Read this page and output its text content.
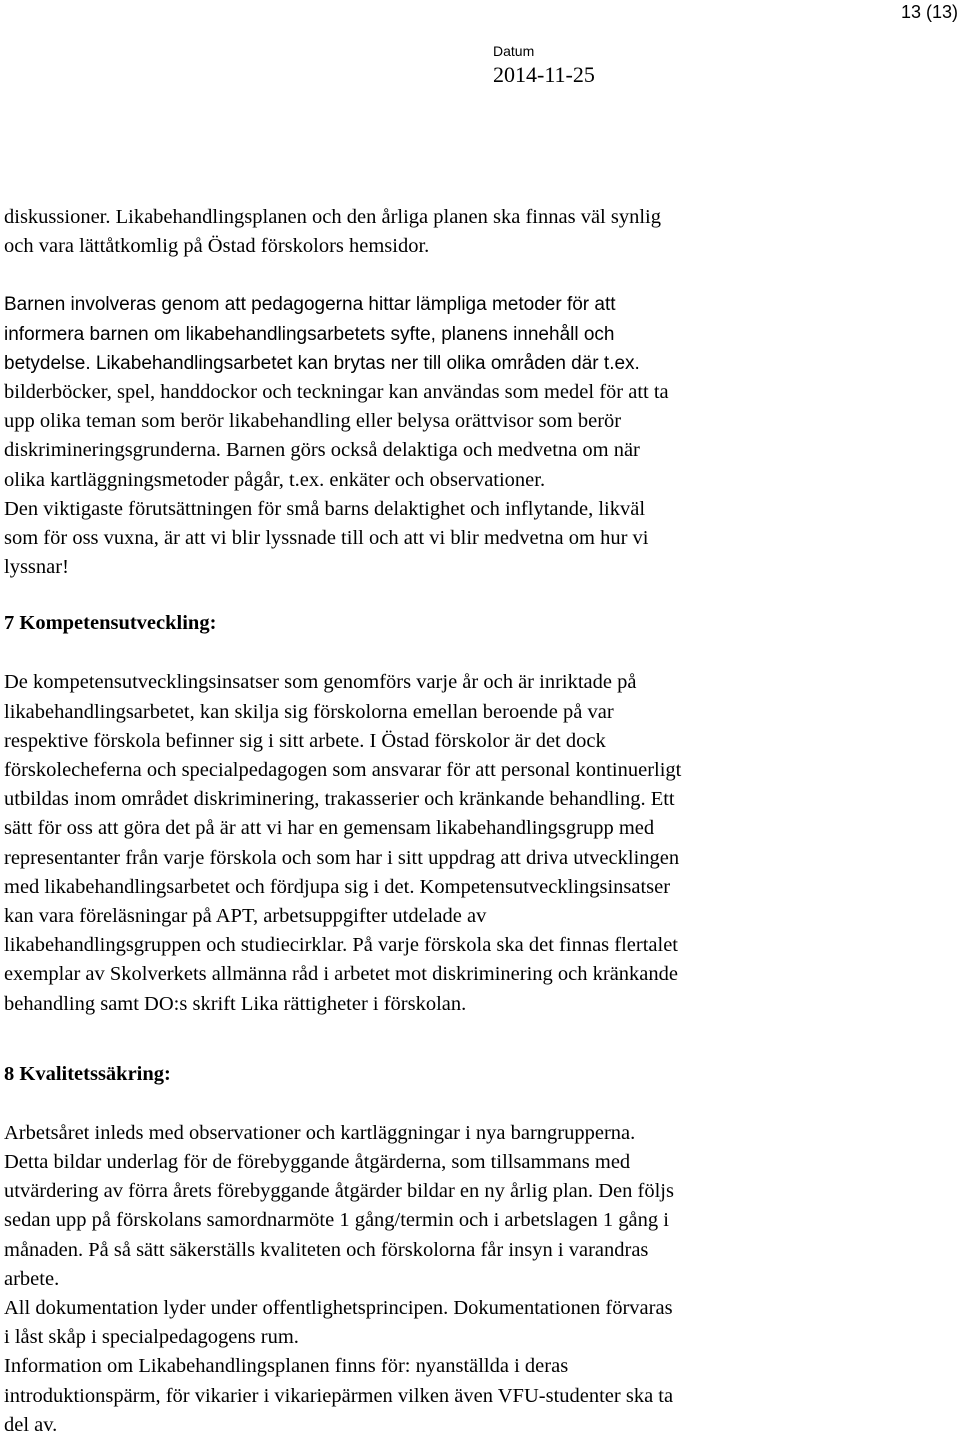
13 (13)
Datum
2014-11-25
diskussioner. Likabehandlingsplanen och den årliga planen ska finnas väl synlig
och vara lättåtkomlig på Östad förskolors hemsidor.
Barnen involveras genom att pedagogerna hittar lämpliga metoder för att
informera barnen om likabehandlingsarbetets syfte, planens innehåll och
betydelse. Likabehandlingsarbetet kan brytas ner till olika områden där t.ex.
bilderböcker, spel, handdockor och teckningar kan användas som medel för att ta
upp olika teman som berör likabehandling eller belysa orättvisor som berör
diskrimineringsgrunderna. Barnen görs också delaktiga och medvetna om när
olika kartläggningsmetoder pågår, t.ex. enkäter och observationer.
Den viktigaste förutsättningen för små barns delaktighet och inflytande, likväl
som för oss vuxna, är att vi blir lyssnade till och att vi blir medvetna om hur vi
lyssnar!
7 Kompetensutveckling:
De kompetensutvecklingsinsatser som genomförs varje år och är inriktade på
likabehandlingsarbetet, kan skilja sig förskolorna emellan beroende på var
respektive förskola befinner sig i sitt arbete. I Östad förskolor är det dock
förskolecheferna och specialpedagogen som ansvarar för att personal kontinuerligt
utbildas inom området diskriminering, trakasserier och kränkande behandling. Ett
sätt för oss att göra det på är att vi har en gemensam likabehandlingsgrupp med
representanter från varje förskola och som har i sitt uppdrag att driva utvecklingen
med likabehandlingsarbetet och fördjupa sig i det. Kompetensutvecklingsinsatser
kan vara föreläsningar på APT, arbetsuppgifter utdelade av
likabehandlingsgruppen och studiecirklar. På varje förskola ska det finnas flertalet
exemplar av Skolverkets allmänna råd i arbetet mot diskriminering och kränkande
behandling samt DO:s skrift Lika rättigheter i förskolan.
8 Kvalitetssäkring:
Arbetsåret inleds med observationer och kartläggningar i nya barngrupperna.
Detta bildar underlag för de förebyggande åtgärderna, som tillsammans med
utvärdering av förra årets förebyggande åtgärder bildar en ny årlig plan. Den följs
sedan upp på förskolans samordnarmöte 1 gång/termin och i arbetslagen 1 gång i
månaden. På så sätt säkerställs kvaliteten och förskolorna får insyn i varandras
arbete.
All dokumentation lyder under offentlighetsprincipen. Dokumentationen förvaras
i låst skåp i specialpedagogens rum.
Information om Likabehandlingsplanen finns för: nyanställda i deras
introduktionspärm, för vikarier i vikariepärmen vilken även VFU-studenter ska ta
del av.
